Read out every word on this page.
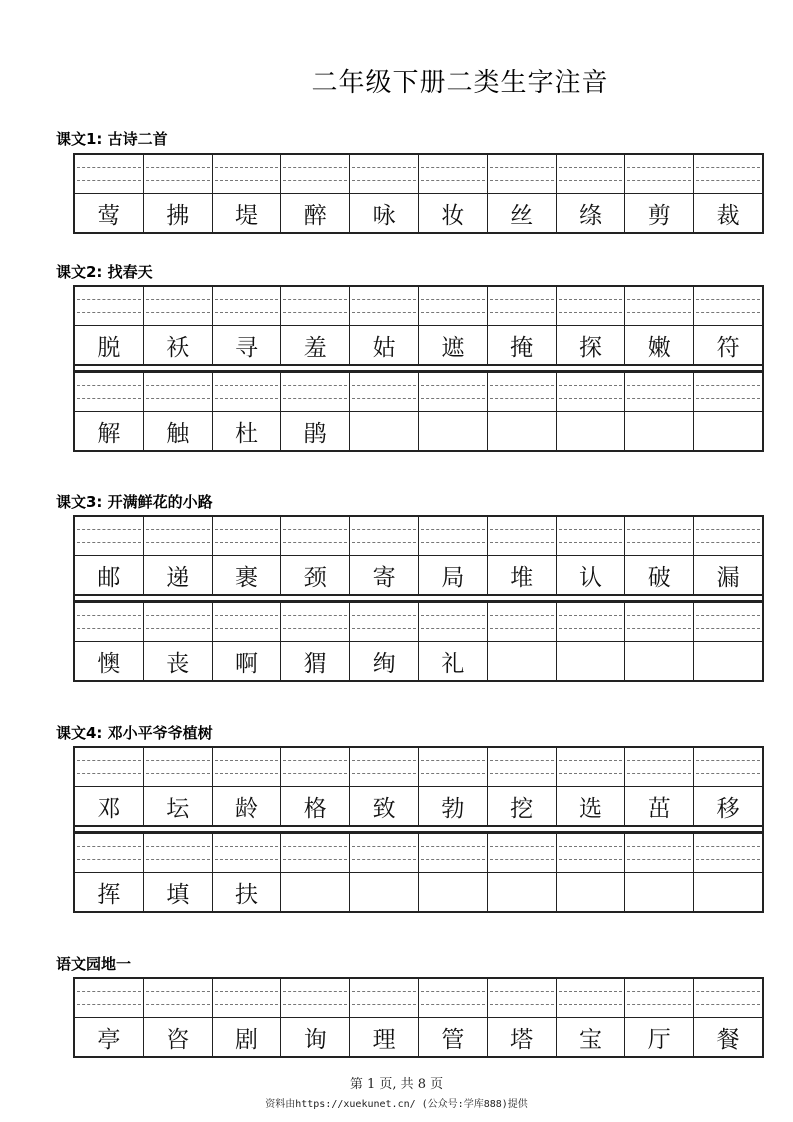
二年级下册二类生字注音
课文1: 古诗二首
莺	拂	堤	醉	咏	妆	丝	绦	剪	裁
课文2: 找春天
脱	袄	寻	羞	姑	遮	掩	探	嫩	符
解	触	杜	鹃
课文3: 开满鲜花的小路
邮	递	裹	颈	寄	局	堆	认	破	漏
懊	丧	啊	猬	绚	礼
课文4: 邓小平爷爷植树
邓	坛	龄	格	致	勃	挖	选	茁	移
挥	填	扶
语文园地一
亭	咨	剧	询	理	管	塔	宝	厅	餐
第 1 页, 共 8 页
资料由https://xuekunet.cn/ (公众号:学库888)提供
